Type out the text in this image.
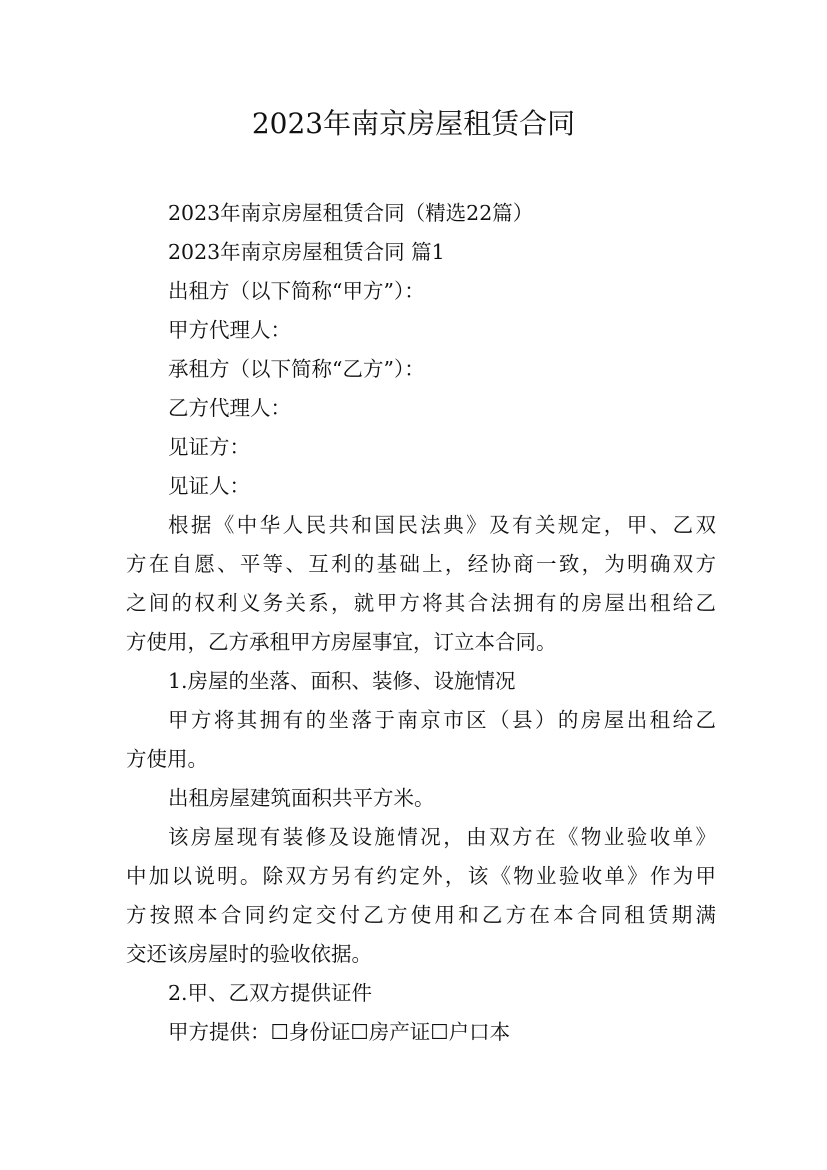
2023年南京房屋租赁合同
2023年南京房屋租赁合同（精选22篇）
2023年南京房屋租赁合同 篇1
出租方（以下简称“甲方”）：
甲方代理人：
承租方（以下简称“乙方”）：
乙方代理人：
见证方：
见证人：
根据《中华人民共和国民法典》及有关规定，甲、乙双
方在自愿、平等、互利的基础上，经协商一致，为明确双方
之间的权利义务关系，就甲方将其合法拥有的房屋出租给乙
方使用，乙方承租甲方房屋事宜，订立本合同。
1.房屋的坐落、面积、装修、设施情况
甲方将其拥有的坐落于南京市区（县）的房屋出租给乙
方使用。
出租房屋建筑面积共平方米。
该房屋现有装修及设施情况，由双方在《物业验收单》
中加以说明。除双方另有约定外，该《物业验收单》作为甲
方按照本合同约定交付乙方使用和乙方在本合同租赁期满
交还该房屋时的验收依据。
2.甲、乙双方提供证件
甲方提供：☐身份证☐房产证☐户口本
